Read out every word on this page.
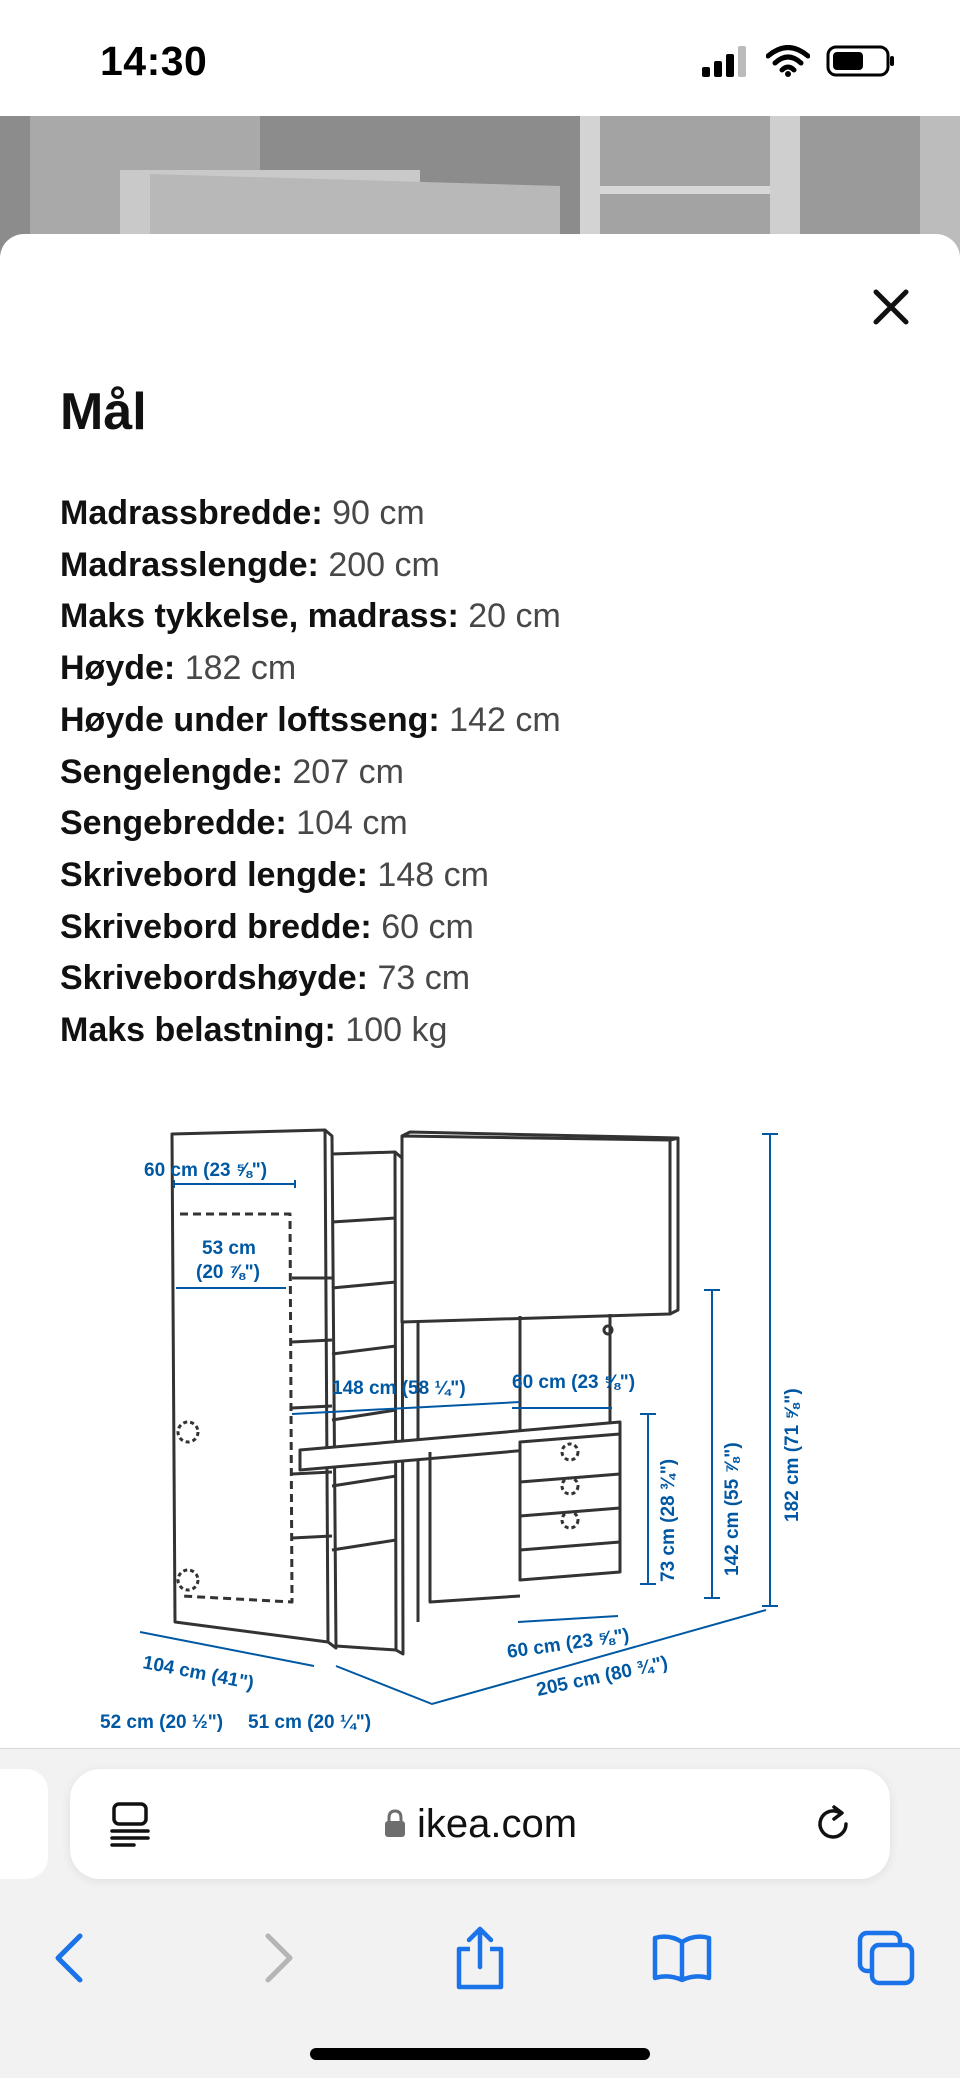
14:30
Mål
Madrassbredde: 90 cm
Madrasslengde: 200 cm
Maks tykkelse, madrass: 20 cm
Høyde: 182 cm
Høyde under loftsseng: 142 cm
Sengelengde: 207 cm
Sengebredde: 104 cm
Skrivebord lengde: 148 cm
Skrivebord bredde: 60 cm
Skrivebordshøyde: 73 cm
Maks belastning: 100 kg
60 cm (23 ⅝")
53 cm
(20 ⅞")
148 cm (58 ¼") 60 cm (23 ⅝")
73 cm (28 ¾") 142 cm (55 ⅞") 182 cm (71 ⅝")
60 cm (23 ⅝")
205 cm (80 ¾")
104 cm (41")
52 cm (20 ½") 51 cm (20 ¼")
ikea.com
